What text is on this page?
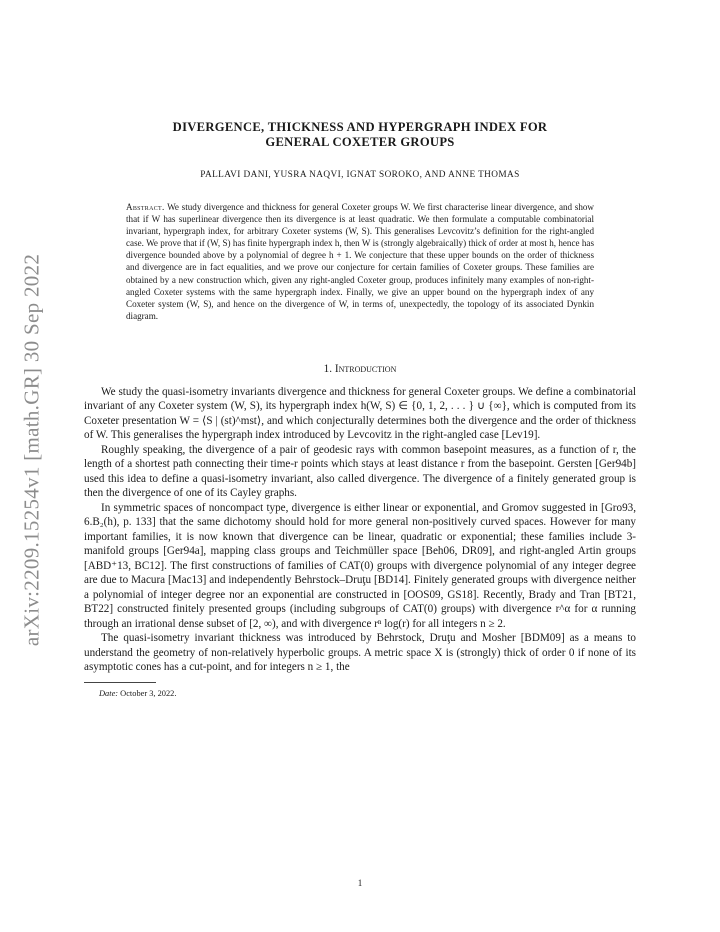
arXiv:2209.15254v1 [math.GR] 30 Sep 2022
DIVERGENCE, THICKNESS AND HYPERGRAPH INDEX FOR
GENERAL COXETER GROUPS
PALLAVI DANI, YUSRA NAQVI, IGNAT SOROKO, AND ANNE THOMAS
Abstract. We study divergence and thickness for general Coxeter groups W. We first characterise linear divergence, and show that if W has superlinear divergence then its divergence is at least quadratic. We then formulate a computable combinatorial invariant, hypergraph index, for arbitrary Coxeter systems (W, S). This generalises Levcovitz’s definition for the right-angled case. We prove that if (W, S) has finite hypergraph index h, then W is (strongly algebraically) thick of order at most h, hence has divergence bounded above by a polynomial of degree h + 1. We conjecture that these upper bounds on the order of thickness and divergence are in fact equalities, and we prove our conjecture for certain families of Coxeter groups. These families are obtained by a new construction which, given any right-angled Coxeter group, produces infinitely many examples of non-right-angled Coxeter systems with the same hypergraph index. Finally, we give an upper bound on the hypergraph index of any Coxeter system (W, S), and hence on the divergence of W, in terms of, unexpectedly, the topology of its associated Dynkin diagram.
1. Introduction

We study the quasi-isometry invariants divergence and thickness for general Coxeter groups. We define a combinatorial invariant of any Coxeter system (W, S), its hypergraph index h(W, S) ∈ {0, 1, 2, . . . } ∪ {∞}, which is computed from its Coxeter presentation W = ⟨S | (st)^mst⟩, and which conjecturally determines both the divergence and the order of thickness of W. This generalises the hypergraph index introduced by Levcovitz in the right-angled case [Lev19].

Roughly speaking, the divergence of a pair of geodesic rays with common basepoint measures, as a function of r, the length of a shortest path connecting their time-r points which stays at least distance r from the basepoint. Gersten [Ger94b] used this idea to define a quasi-isometry invariant, also called divergence. The divergence of a finitely generated group is then the divergence of one of its Cayley graphs.

In symmetric spaces of noncompact type, divergence is either linear or exponential, and Gromov suggested in [Gro93, 6.B₂(h), p. 133] that the same dichotomy should hold for more general non-positively curved spaces. However for many important families, it is now known that divergence can be linear, quadratic or exponential; these families include 3-manifold groups [Ger94a], mapping class groups and Teichmüller space [Beh06, DR09], and right-angled Artin groups [ABD⁺13, BC12]. The first constructions of families of CAT(0) groups with divergence polynomial of any integer degree are due to Macura [Mac13] and independently Behrstock–Druţu [BD14]. Finitely generated groups with divergence neither a polynomial of integer degree nor an exponential are constructed in [OOS09, GS18]. Recently, Brady and Tran [BT21, BT22] constructed finitely presented groups (including subgroups of CAT(0) groups) with divergence r^α for α running through an irrational dense subset of [2, ∞), and with divergence rⁿ log(r) for all integers n ≥ 2.

The quasi-isometry invariant thickness was introduced by Behrstock, Druţu and Mosher [BDM09] as a means to understand the geometry of non-relatively hyperbolic groups. A metric space X is (strongly) thick of order 0 if none of its asymptotic cones has a cut-point, and for integers n ≥ 1, the

Date: October 3, 2022.
1
